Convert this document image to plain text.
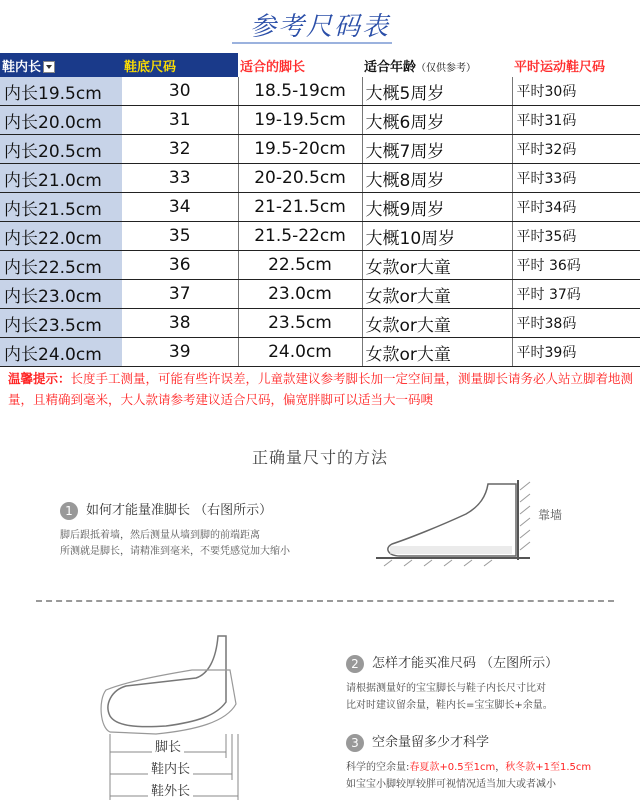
参考尺码表
鞋内长	鞋底尺码	适合的脚长	适合年龄（仅供参考）	平时运动鞋尺码
内长19.5cm	30	18.5-19cm	大概5周岁	平时30码
内长20.0cm	31	19-19.5cm	大概6周岁	平时31码
内长20.5cm	32	19.5-20cm	大概7周岁	平时32码
内长21.0cm	33	20-20.5cm	大概8周岁	平时33码
内长21.5cm	34	21-21.5cm	大概9周岁	平时34码
内长22.0cm	35	21.5-22cm	大概10周岁	平时35码
内长22.5cm	36	22.5cm	女款or大童	平时 36码
内长23.0cm	37	23.0cm	女款or大童	平时 37码
内长23.5cm	38	23.5cm	女款or大童	平时38码
内长24.0cm	39	24.0cm	女款or大童	平时39码
温馨提示：长度手工测量，可能有些许误差，儿童款建议参考脚长加一定空间量，测量脚长请务必人站立脚着地测量，且精确到毫米，大人款请参考建议适合尺码，偏宽胖脚可以适当大一码噢
正确量尺寸的方法
1 如何才能量准脚长 （右图所示）
脚后跟抵着墙，然后测量从墙到脚的前端距离
所测就是脚长，请精准到毫米，不要凭感觉加大缩小
靠墙
脚长
鞋内长
鞋外长
2 怎样才能买准尺码 （左图所示）
请根据测量好的宝宝脚长与鞋子内长尺寸比对
比对时建议留余量，鞋内长=宝宝脚长+余量。
3 空余量留多少才科学
科学的空余量:春夏款+0.5至1cm，秋冬款+1至1.5cm
如宝宝小脚较厚较胖可视情况适当加大或者减小
